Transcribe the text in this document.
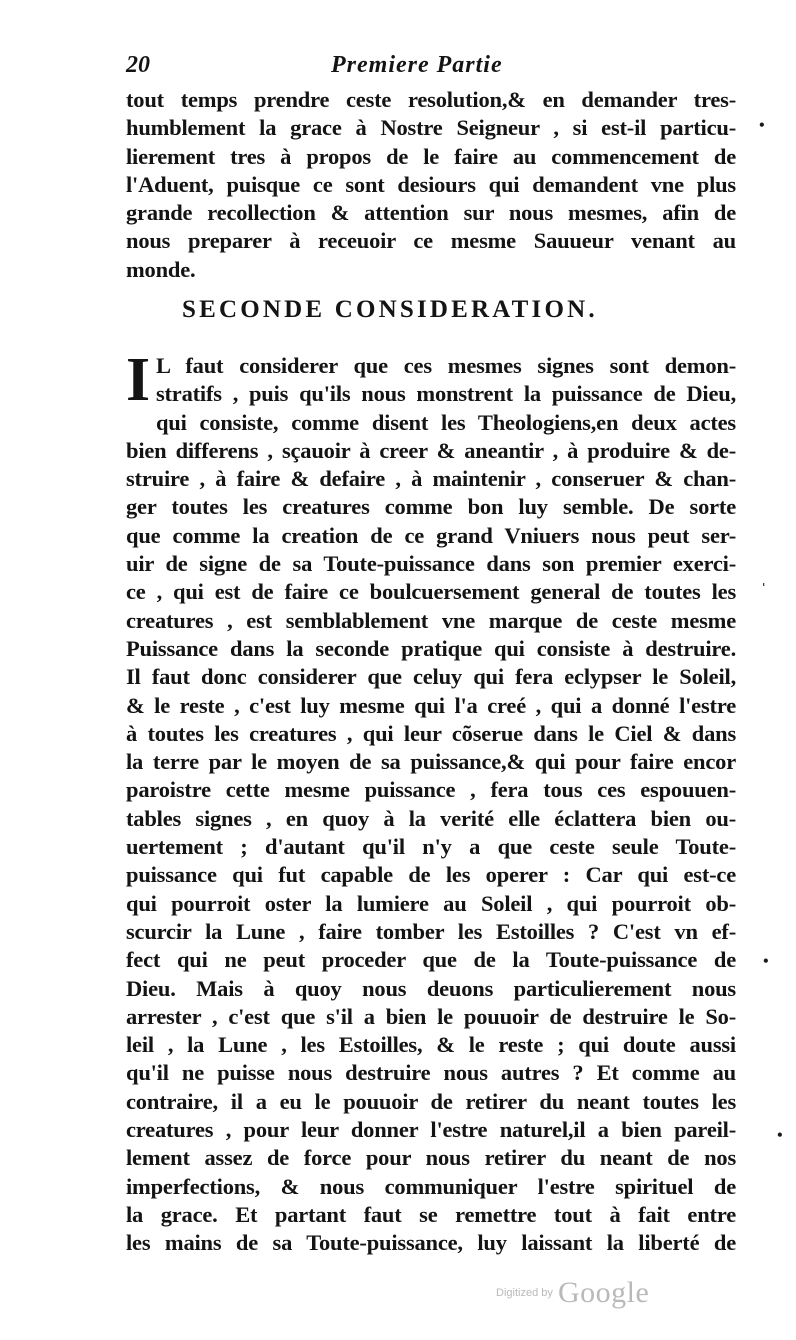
20	Premiere Partie
tout temps prendre ceste resolution,& en demander tres-
humblement la grace à Nostre Seigneur , si est-il particu-
lierement tres à propos de le faire au commencement de
l'Aduent, puisque ce sont desiours qui demandent vne plus
grande recollection & attention sur nous mesmes, afin de
nous preparer à receuoir ce mesme Sauueur venant au
monde.
SECONDE CONSIDERATION.
I L faut considerer que ces mesmes signes sont demon-
stratifs , puis qu'ils nous monstrent la puissance de Dieu,
qui consiste, comme disent les Theologiens,en deux actes
bien differens , sçauoir à creer & aneantir , à produire & de-
struire , à faire & defaire , à maintenir , conseruer & chan-
ger toutes les creatures comme bon luy semble. De sorte
que comme la creation de ce grand Vniuers nous peut ser-
uir de signe de sa Toute-puissance dans son premier exerci-
ce , qui est de faire ce boulcuersement general de toutes les
creatures , est semblablement vne marque de ceste mesme
Puissance dans la seconde pratique qui consiste à destruire.
Il faut donc considerer que celuy qui fera eclypser le Soleil,
& le reste , c'est luy mesme qui l'a creé , qui a donné l'estre
à toutes les creatures , qui leur cõserue dans le Ciel & dans
la terre par le moyen de sa puissance,& qui pour faire encor
paroistre cette mesme puissance , fera tous ces espouuen-
tables signes , en quoy à la verité elle éclattera bien ou-
uertement ; d'autant qu'il n'y a que ceste seule Toute-
puissance qui fut capable de les operer : Car qui est-ce
qui pourroit oster la lumiere au Soleil , qui pourroit ob-
scurcir la Lune , faire tomber les Estoilles ? C'est vn ef-
fect qui ne peut proceder que de la Toute-puissance de
Dieu. Mais à quoy nous deuons particulierement nous
arrester , c'est que s'il a bien le pouuoir de destruire le So-
leil , la Lune , les Estoilles, & le reste ; qui doute aussi
qu'il ne puisse nous destruire nous autres ? Et comme au
contraire, il a eu le pouuoir de retirer du neant toutes les
creatures , pour leur donner l'estre naturel,il a bien pareil-
lement assez de force pour nous retirer du neant de nos
imperfections, & nous communiquer l'estre spirituel de
la grace. Et partant faut se remettre tout à fait entre
les mains de sa Toute-puissance, luy laissant la liberté de
•
ˌ
•
•
Digitized by Google
